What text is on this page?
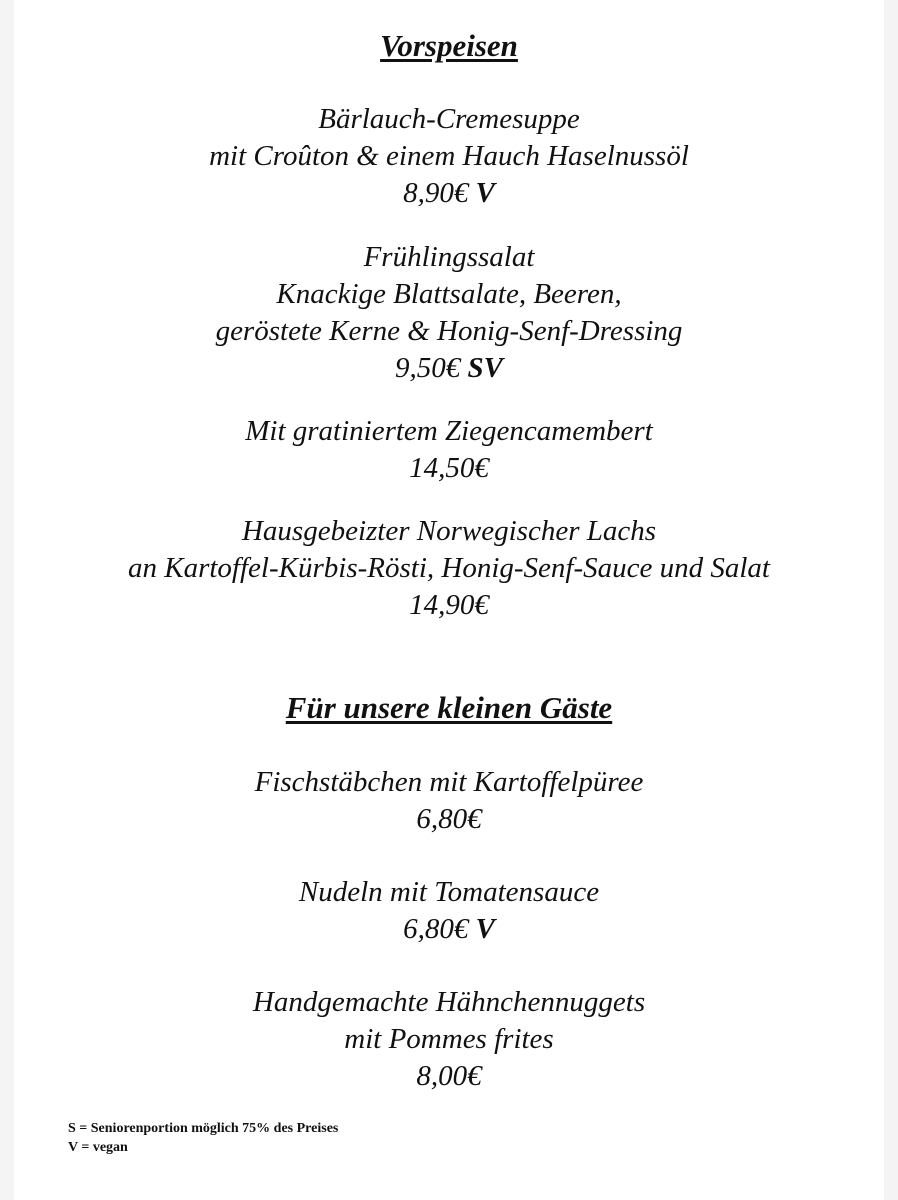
Vorspeisen
Bärlauch-Cremesuppe
mit Croûton & einem Hauch Haselnussöl
8,90€ V
Frühlingssalat
Knackige Blattsalate, Beeren,
geröstete Kerne & Honig-Senf-Dressing
9,50€ SV
Mit gratiniertem Ziegencamembert
14,50€
Hausgebeizter Norwegischer Lachs
an Kartoffel-Kürbis-Rösti, Honig-Senf-Sauce und Salat
14,90€
Für unsere kleinen Gäste
Fischstäbchen mit Kartoffelpüree
6,80€
Nudeln mit Tomatensauce
6,80€ V
Handgemachte Hähnchennuggets
mit Pommes frites
8,00€
S = Seniorenportion möglich 75% des Preises
V = vegan
